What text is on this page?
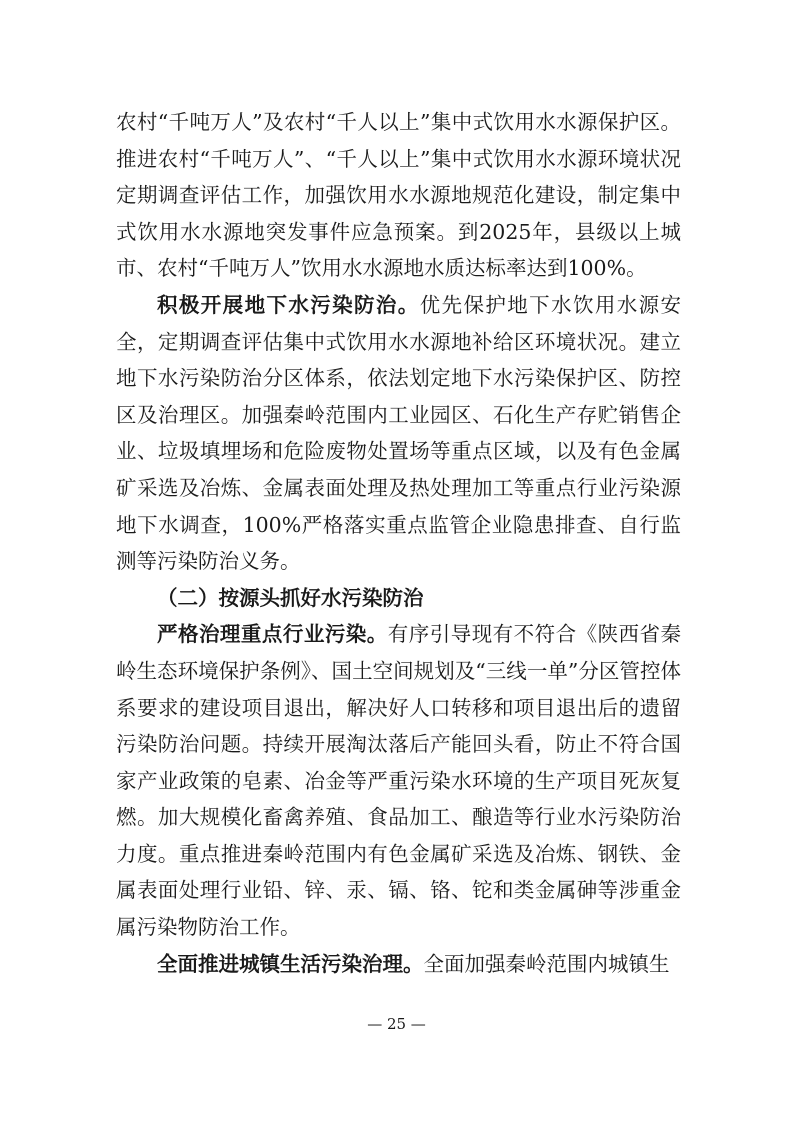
农村“千吨万人”及农村“千人以上”集中式饮用水水源保护区。推进农村“千吨万人”、“千人以上”集中式饮用水水源环境状况定期调查评估工作，加强饮用水水源地规范化建设，制定集中式饮用水水源地突发事件应急预案。到2025年，县级以上城市、农村“千吨万人”饮用水水源地水质达标率达到100%。

积极开展地下水污染防治。优先保护地下水饮用水源安全，定期调查评估集中式饮用水水源地补给区环境状况。建立地下水污染防治分区体系，依法划定地下水污染保护区、防控区及治理区。加强秦岭范围内工业园区、石化生产存贮销售企业、垃圾填埋场和危险废物处置场等重点区域，以及有色金属矿采选及冶炼、金属表面处理及热处理加工等重点行业污染源地下水调查，100%严格落实重点监管企业隐患排查、自行监测等污染防治义务。

（二）按源头抓好水污染防治

严格治理重点行业污染。有序引导现有不符合《陕西省秦岭生态环境保护条例》、国土空间规划及“三线一单”分区管控体系要求的建设项目退出，解决好人口转移和项目退出后的遗留污染防治问题。持续开展淘汰落后产能回头看，防止不符合国家产业政策的皂素、冶金等严重污染水环境的生产项目死灰复燃。加大规模化畜禽养殖、食品加工、酿造等行业水污染防治力度。重点推进秦岭范围内有色金属矿采选及冶炼、钢铁、金属表面处理行业铅、锌、汞、镉、铬、铊和类金属砷等涉重金属污染物防治工作。

全面推进城镇生活污染治理。全面加强秦岭范围内城镇生

— 25 —
